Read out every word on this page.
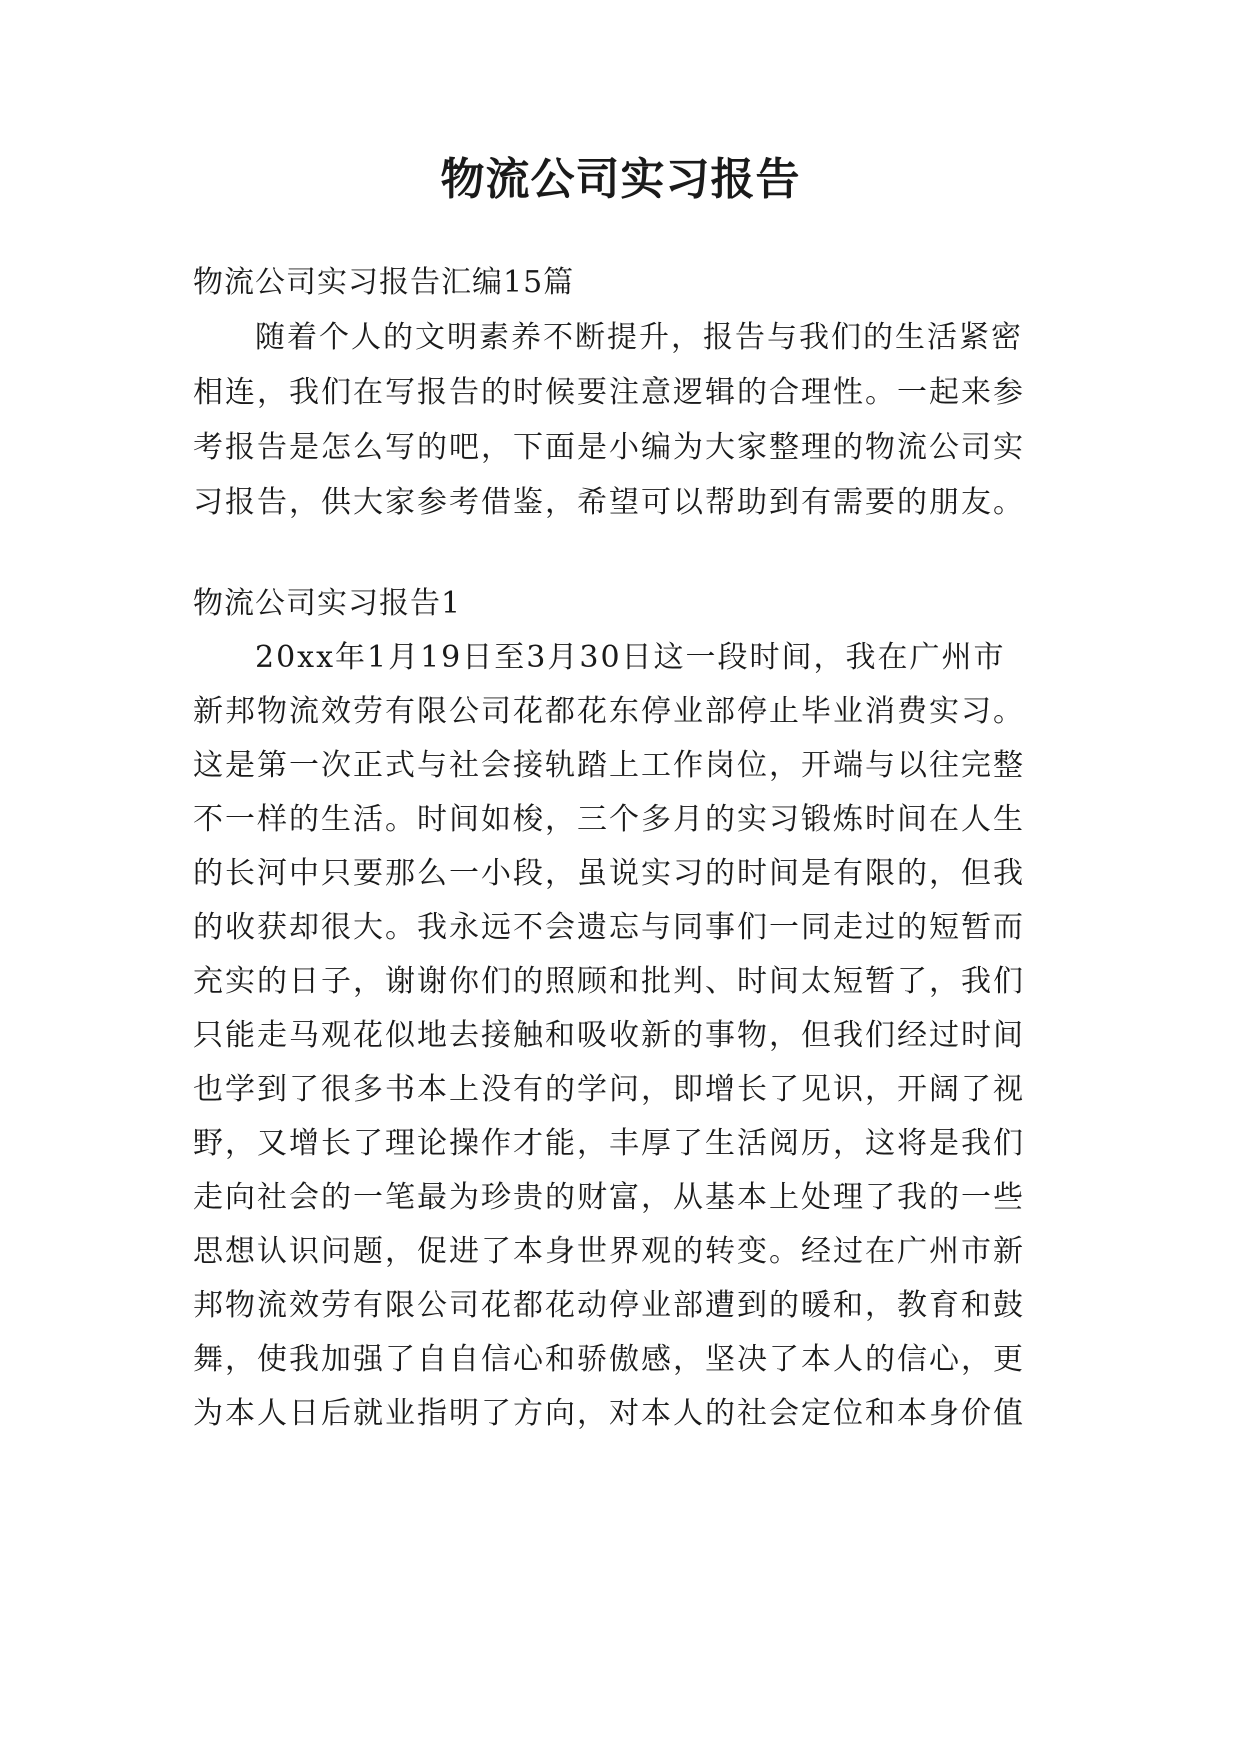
物流公司实习报告
物流公司实习报告汇编15篇
随着个人的文明素养不断提升，报告与我们的生活紧密
相连，我们在写报告的时候要注意逻辑的合理性。一起来参
考报告是怎么写的吧，下面是小编为大家整理的物流公司实
习报告，供大家参考借鉴，希望可以帮助到有需要的朋友。
物流公司实习报告1
20xx年1月19日至3月30日这一段时间，我在广州市
新邦物流效劳有限公司花都花东停业部停止毕业消费实习。
这是第一次正式与社会接轨踏上工作岗位，开端与以往完整
不一样的生活。时间如梭，三个多月的实习锻炼时间在人生
的长河中只要那么一小段，虽说实习的时间是有限的，但我
的收获却很大。我永远不会遗忘与同事们一同走过的短暂而
充实的日子，谢谢你们的照顾和批判、时间太短暂了，我们
只能走马观花似地去接触和吸收新的事物，但我们经过时间
也学到了很多书本上没有的学问，即增长了见识，开阔了视
野，又增长了理论操作才能，丰厚了生活阅历，这将是我们
走向社会的一笔最为珍贵的财富，从基本上处理了我的一些
思想认识问题，促进了本身世界观的转变。经过在广州市新
邦物流效劳有限公司花都花动停业部遭到的暖和，教育和鼓
舞，使我加强了自自信心和骄傲感，坚决了本人的信心，更
为本人日后就业指明了方向，对本人的社会定位和本身价值
